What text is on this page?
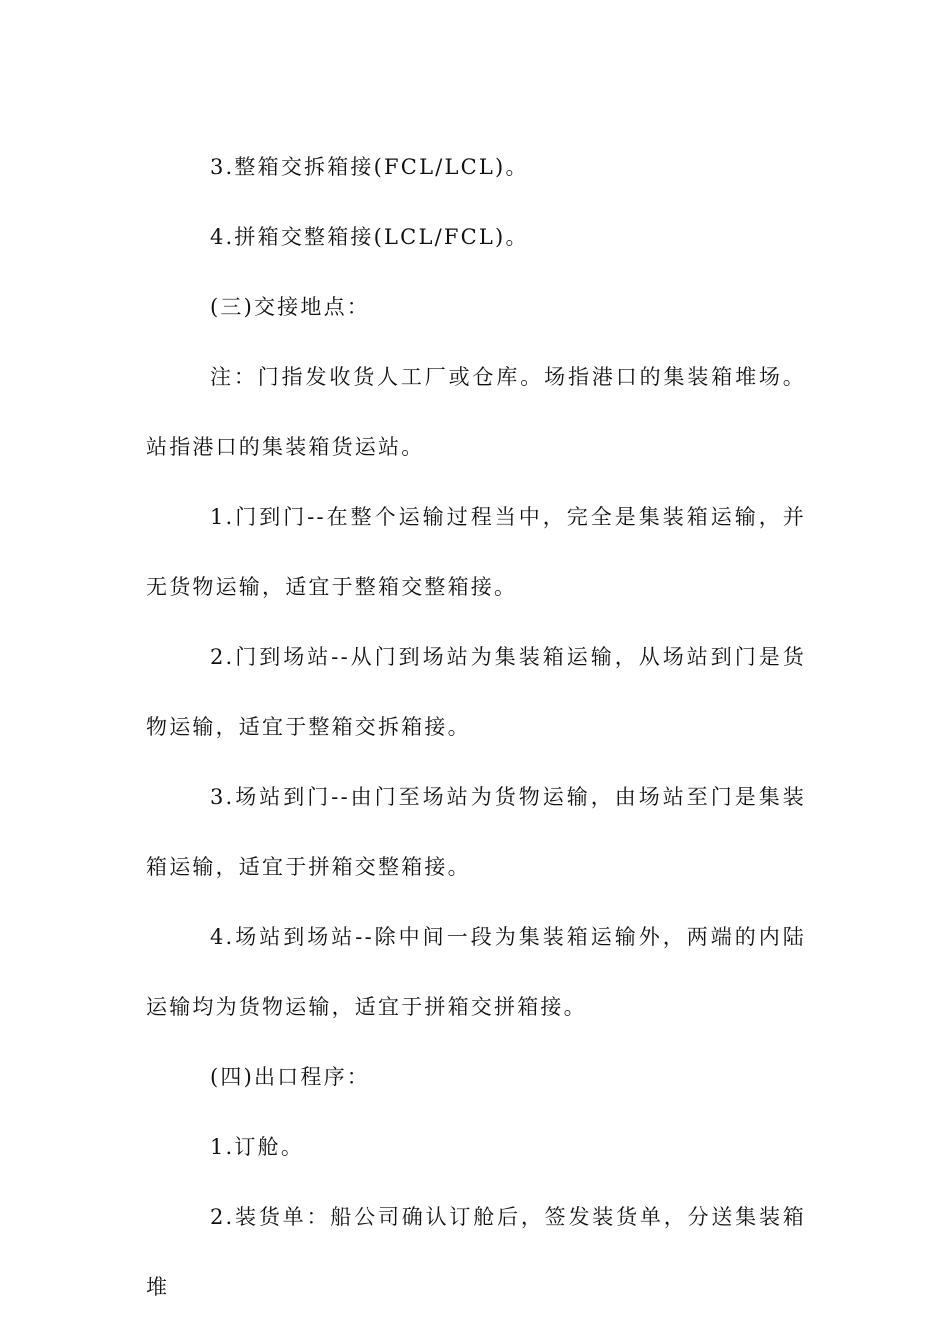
3.整箱交拆箱接(FCL/LCL)。

4.拼箱交整箱接(LCL/FCL)。

(三)交接地点：

注：门指发收货人工厂或仓库。场指港口的集装箱堆场。站指港口的集装箱货运站。

1.门到门--在整个运输过程当中，完全是集装箱运输，并无货物运输，适宜于整箱交整箱接。

2.门到场站--从门到场站为集装箱运输，从场站到门是货物运输，适宜于整箱交拆箱接。

3.场站到门--由门至场站为货物运输，由场站至门是集装箱运输，适宜于拼箱交整箱接。

4.场站到场站--除中间一段为集装箱运输外，两端的内陆运输均为货物运输，适宜于拼箱交拼箱接。

(四)出口程序：

1.订舱。

2.装货单：船公司确认订舱后，签发装货单，分送集装箱堆
